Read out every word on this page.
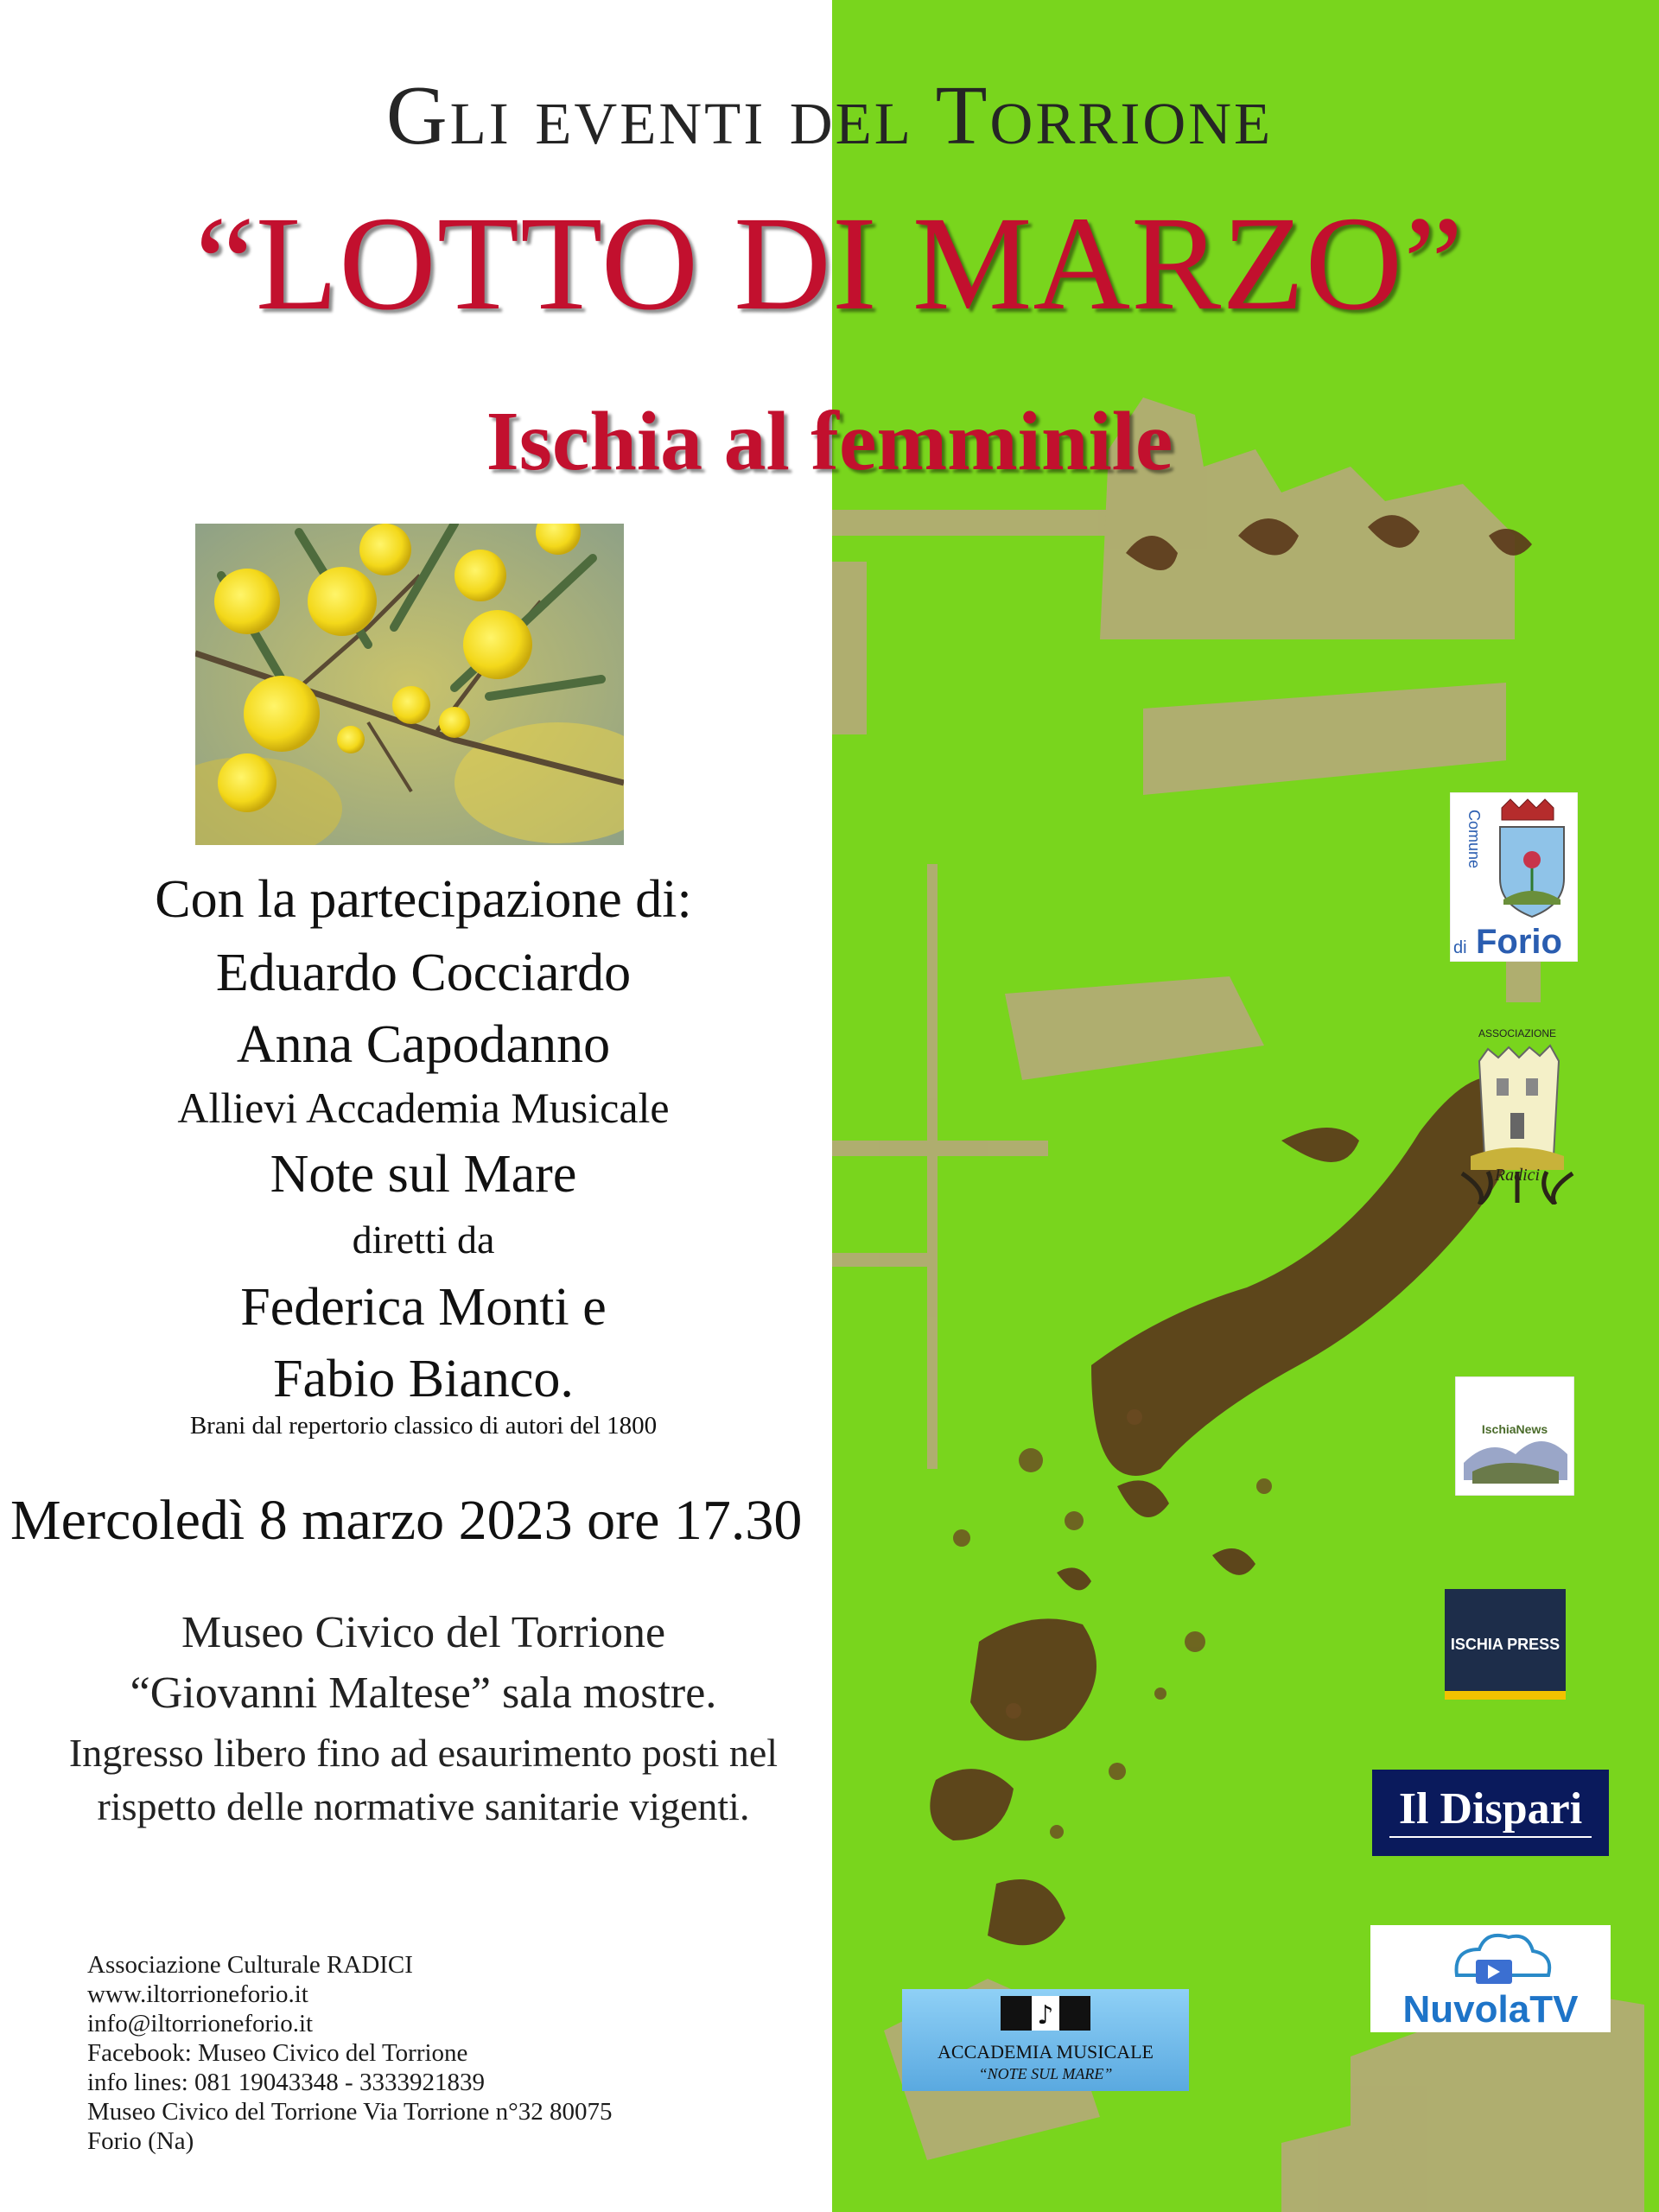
Gli eventi del Torrione
“LOTTO DI MARZO”
Ischia al femminile
Con la partecipazione di:
Eduardo Cocciardo
Anna Capodanno
Allievi Accademia Musicale
Note sul Mare
diretti da
Federica Monti e
Fabio Bianco.
Brani dal repertorio classico di autori del 1800
Mercoledì 8 marzo 2023 ore 17.30
Museo Civico del Torrione
“Giovanni Maltese” sala mostre.
Ingresso libero fino ad esaurimento posti nel
rispetto delle normative sanitarie vigenti.
Associazione Culturale RADICI
www.iltorrioneforio.it
info@iltorrioneforio.it
Facebook: Museo Civico del Torrione
info lines: 081 19043348 - 3333921839
Museo Civico del Torrione Via Torrione n°32 80075
Forio (Na)
Comune
di Forio
ASSOCIAZIONE
Radici
IschiaNews
ISCHIA PRESS
Il Dispari
NuvolaTV
♪
ACCADEMIA MUSICALE
“NOTE SUL MARE”
